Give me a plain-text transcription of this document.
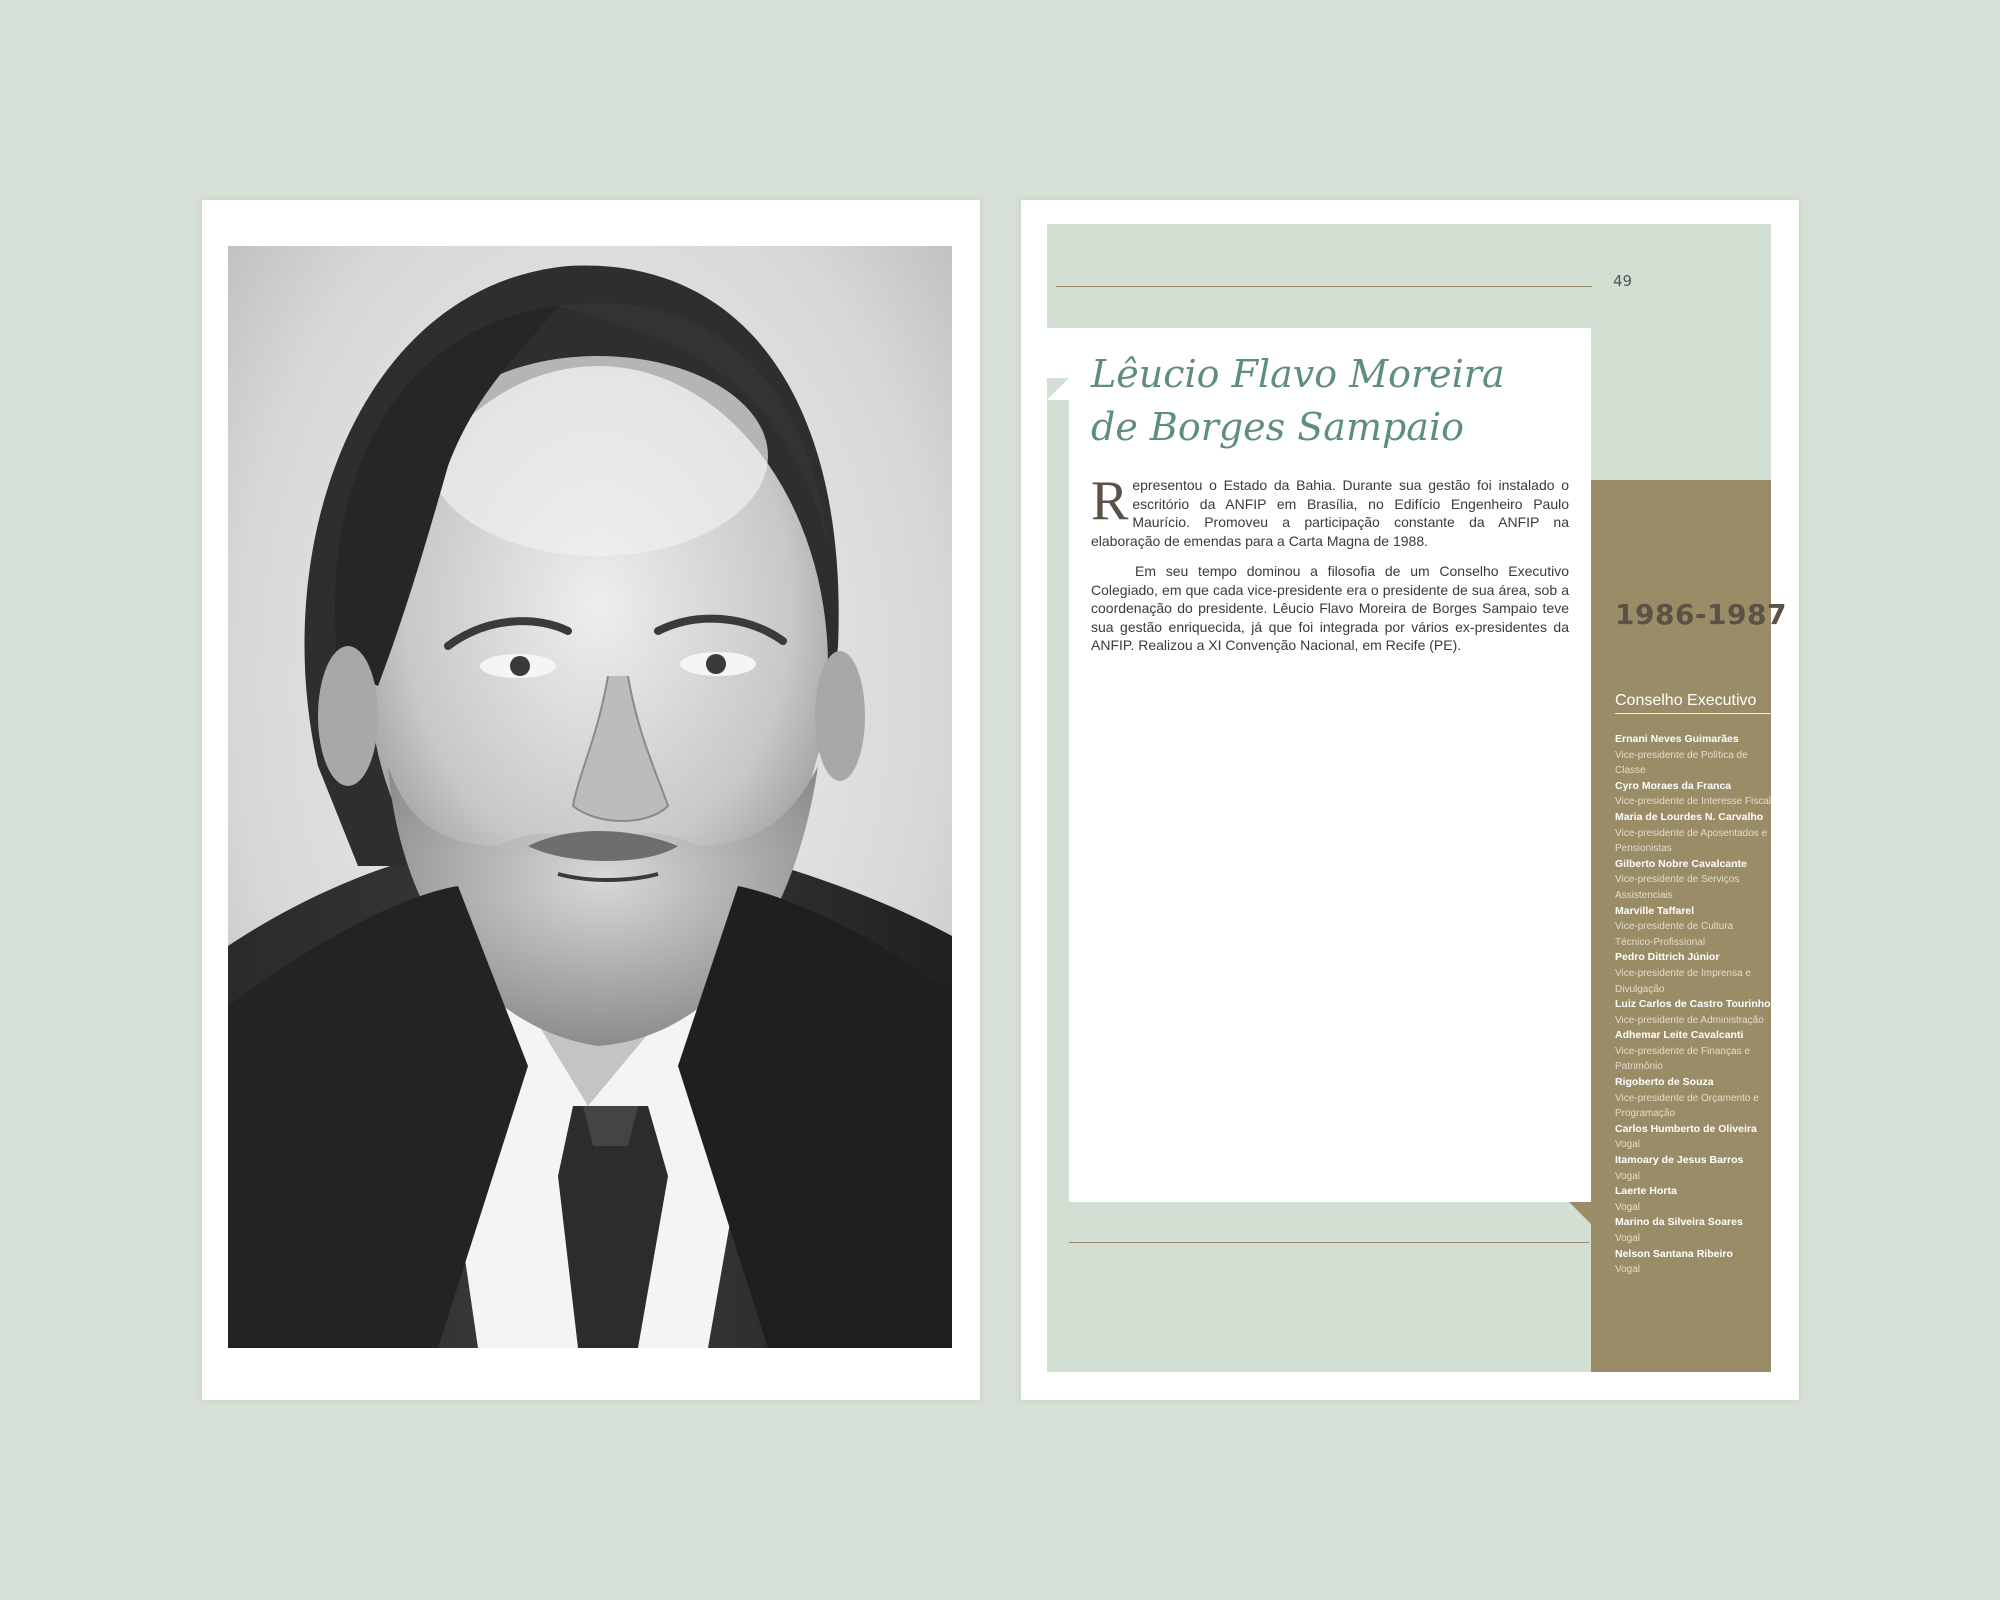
49
Lêucio Flavo Moreira de Borges Sampaio

Representou o Estado da Bahia. Durante sua gestão foi instalado o escritório da ANFIP em Brasília, no Edifício Engenheiro Paulo Maurício. Promoveu a participação constante da ANFIP na elaboração de emendas para a Carta Magna de 1988.

Em seu tempo dominou a filosofia de um Conselho Executivo Colegiado, em que cada vice-presidente era o presidente de sua área, sob a coordenação do presidente. Lêucio Flavo Moreira de Borges Sampaio teve sua gestão enriquecida, já que foi integrada por vários ex-presidentes da ANFIP. Realizou a XI Convenção Nacional, em Recife (PE).

1986-1987
Conselho Executivo
Ernani Neves Guimarães
Vice-presidente de Política de Classe
Cyro Moraes da Franca
Vice-presidente de Interesse Fiscal
Maria de Lourdes N. Carvalho
Vice-presidente de Aposentados e Pensionistas
Gilberto Nobre Cavalcante
Vice-presidente de Serviços Assistenciais
Marville Taffarel
Vice-presidente de Cultura Técnico-Profissional
Pedro Dittrich Júnior
Vice-presidente de Imprensa e Divulgação
Luiz Carlos de Castro Tourinho
Vice-presidente de Administração
Adhemar Leite Cavalcanti
Vice-presidente de Finanças e Patrimônio
Rigoberto de Souza
Vice-presidente de Orçamento e Programação
Carlos Humberto de Oliveira
Vogal
Itamoary de Jesus Barros
Vogal
Laerte Horta
Vogal
Marino da Silveira Soares
Vogal
Nelson Santana Ribeiro
Vogal
